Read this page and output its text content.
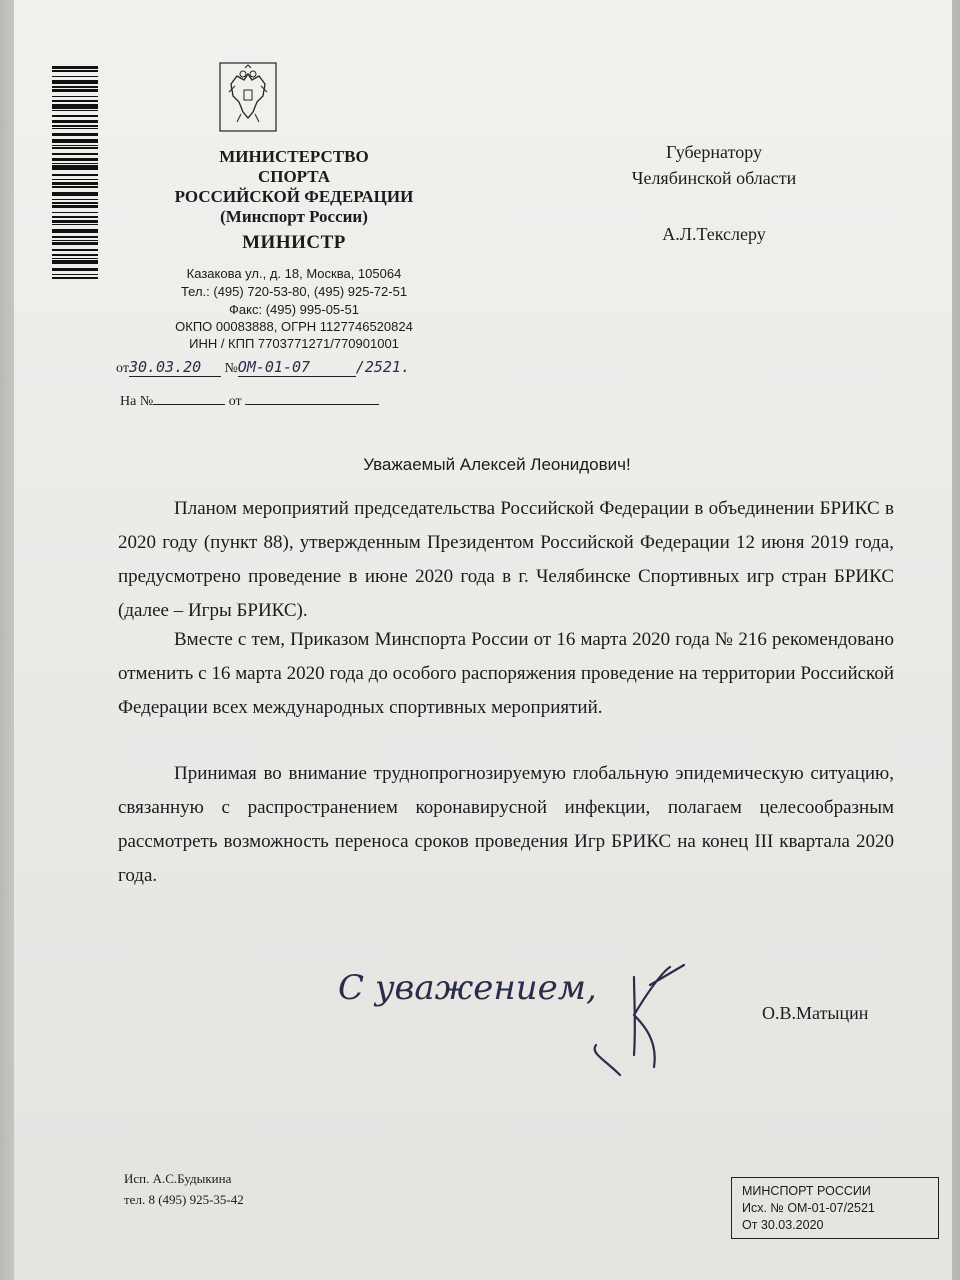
МИНИСТЕРСТВО
СПОРТА
РОССИЙСКОЙ ФЕДЕРАЦИИ
(Минспорт России)
МИНИСТР
Казакова ул., д. 18, Москва, 105064
Тел.: (495) 720-53-80, (495) 925-72-51
Факс: (495) 995-05-51
ОКПО 00083888, ОГРН 1127746520824
ИНН / КПП 7703771271/770901001
от30.03.20 №ОМ-01-07	/2521.
На №	от
Губернатору
Челябинской области
А.Л.Текслеру
Уважаемый Алексей Леонидович!
Планом мероприятий председательства Российской Федерации в объединении БРИКС в 2020 году (пункт 88), утвержденным Президентом Российской Федерации 12 июня 2019 года, предусмотрено проведение в июне 2020 года в г. Челябинске Спортивных игр стран БРИКС (далее – Игры БРИКС).
Вместе с тем, Приказом Минспорта России от 16 марта 2020 года № 216 рекомендовано отменить с 16 марта 2020 года до особого распоряжения проведение на территории Российской Федерации всех международных спортивных мероприятий.
Принимая во внимание труднопрогнозируемую глобальную эпидемическую ситуацию, связанную с распространением коронавирусной инфекции, полагаем целесообразным рассмотреть возможность переноса сроков проведения Игр БРИКС на конец III квартала 2020 года.
С уважением,
О.В.Матыцин
Исп. А.С.Будыкина
тел. 8 (495) 925-35-42
МИНСПОРТ РОССИИ
Исх. № ОМ-01-07/2521
От 30.03.2020
